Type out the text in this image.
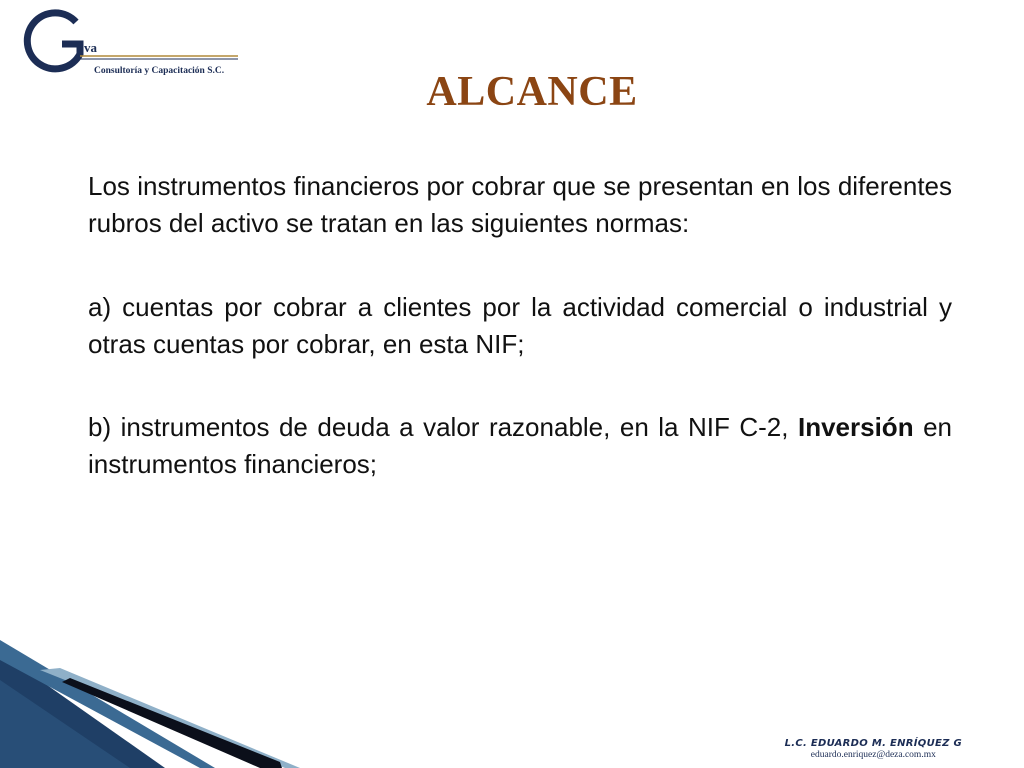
va
Consultoría y Capacitación S.C.	ALCANCE

Los instrumentos financieros por cobrar que se presentan en los diferentes rubros del activo se tratan en las siguientes normas:

a) cuentas por cobrar a clientes por la actividad comercial o industrial y otras cuentas por cobrar, en esta NIF;

b) instrumentos de deuda a valor razonable, en la NIF C-2, Inversión en instrumentos financieros;

L.C. EDUARDO M. ENRÍQUEZ G
eduardo.enriquez@deza.com.mx
